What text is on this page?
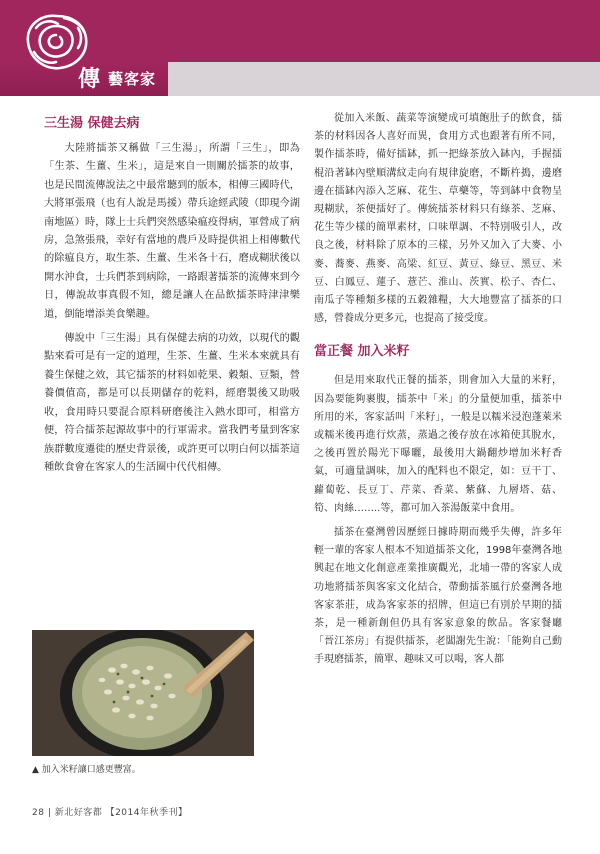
傳 藝客家
三生湯 保健去病

大陸將擂茶又稱做「三生湯」，所謂「三生」，即為「生茶、生薑、生米」，這是來自一則關於擂茶的故事，也是民間流傳說法之中最常聽到的版本，相傳三國時代，大將軍張飛（也有人說是馬援）帶兵途經武陵（即現今湖南地區）時，隊上士兵們突然感染瘟疫得病，軍營成了病房，急煞張飛，幸好有當地的農戶及時提供祖上相傳數代的除瘟良方，取生茶、生薑、生米各十石，磨成糊狀後以開水沖食，士兵們茶到病除，一路跟著擂茶的流傳來到今日，傳說故事真假不知，總是讓人在品飲擂茶時津津樂道，倒能增添美食樂趣。

傳說中「三生湯」具有保健去病的功效，以現代的觀點來看可是有一定的道理，生茶、生薑、生米本來就具有養生保健之效，其它擂茶的材料如乾果、穀類、豆類，營養價值高，都是可以長期儲存的乾料，經磨製後又助吸收，食用時只要混合原料研磨後注入熱水即可，相當方便，符合擂茶起源故事中的行軍需求。當我們考量到客家族群數度遷徙的歷史背景後，或許更可以明白何以擂茶這種飲食會在客家人的生活圈中代代相傳。

▲ 加入米籽讓口感更豐富。

從加入米飯、蔬菜等演變成可填飽肚子的飲食，擂茶的材料因各人喜好而異，食用方式也跟著有所不同，製作擂茶時，備好擂缽，抓一把綠茶放入缽內，手握擂棍沿著缽內壁順溝紋走向有規律旋磨，不斷杵搗，邊磨邊在擂缽內添入芝麻、花生、草藥等，等到缽中食物呈現糊狀，茶便擂好了。傳統擂茶材料只有綠茶、芝麻、花生等少樣的簡單素材，口味單調、不特別吸引人，改良之後，材料除了原本的三樣，另外又加入了大麥、小麥、蕎麥、燕麥、高梁、紅豆、黃豆、綠豆、黑豆、米豆、白鳳豆、蓮子、薏芒、淮山、茨實、松子、杏仁、南瓜子等種類多樣的五穀雜糧，大大地豐富了擂茶的口感，營養成分更多元，也提高了接受度。

當正餐 加入米籽

但是用來取代正餐的擂茶，則會加入大量的米籽，因為要能夠裹腹，擂茶中「米」的分量便加重，擂茶中所用的米，客家話叫「米籽」，一般是以糯米浸泡蓬萊米或糯米後再進行炊蒸，蒸過之後存放在冰箱使其脫水，之後再置於陽光下曝曬，最後用大鍋翻炒增加米籽香氣，可適量調味，加入的配料也不限定，如：豆干丁、蘿蔔乾、長豆丁、芹菜、香菜、紫蘇、九層塔、菇、筍、肉絲……..等，都可加入茶湯飯菜中食用。

擂茶在臺灣曾因歷經日據時期而幾乎失傳，許多年輕一輩的客家人根本不知道擂茶文化，1998年臺灣各地興起在地文化創意產業推廣觀光，北埔一帶的客家人成功地將擂茶與客家文化結合，帶動擂茶風行於臺灣各地客家茶莊，成為客家茶的招牌，但這已有別於早期的擂茶，是一種新創但仍具有客家意象的飲品。客家餐廳「晉江茶房」有提供擂茶，老闆謝先生說：「能夠自己動手現磨擂茶，簡單、趣味又可以喝，客人都

28 | 新北好客都 【2014年秋季刊】
